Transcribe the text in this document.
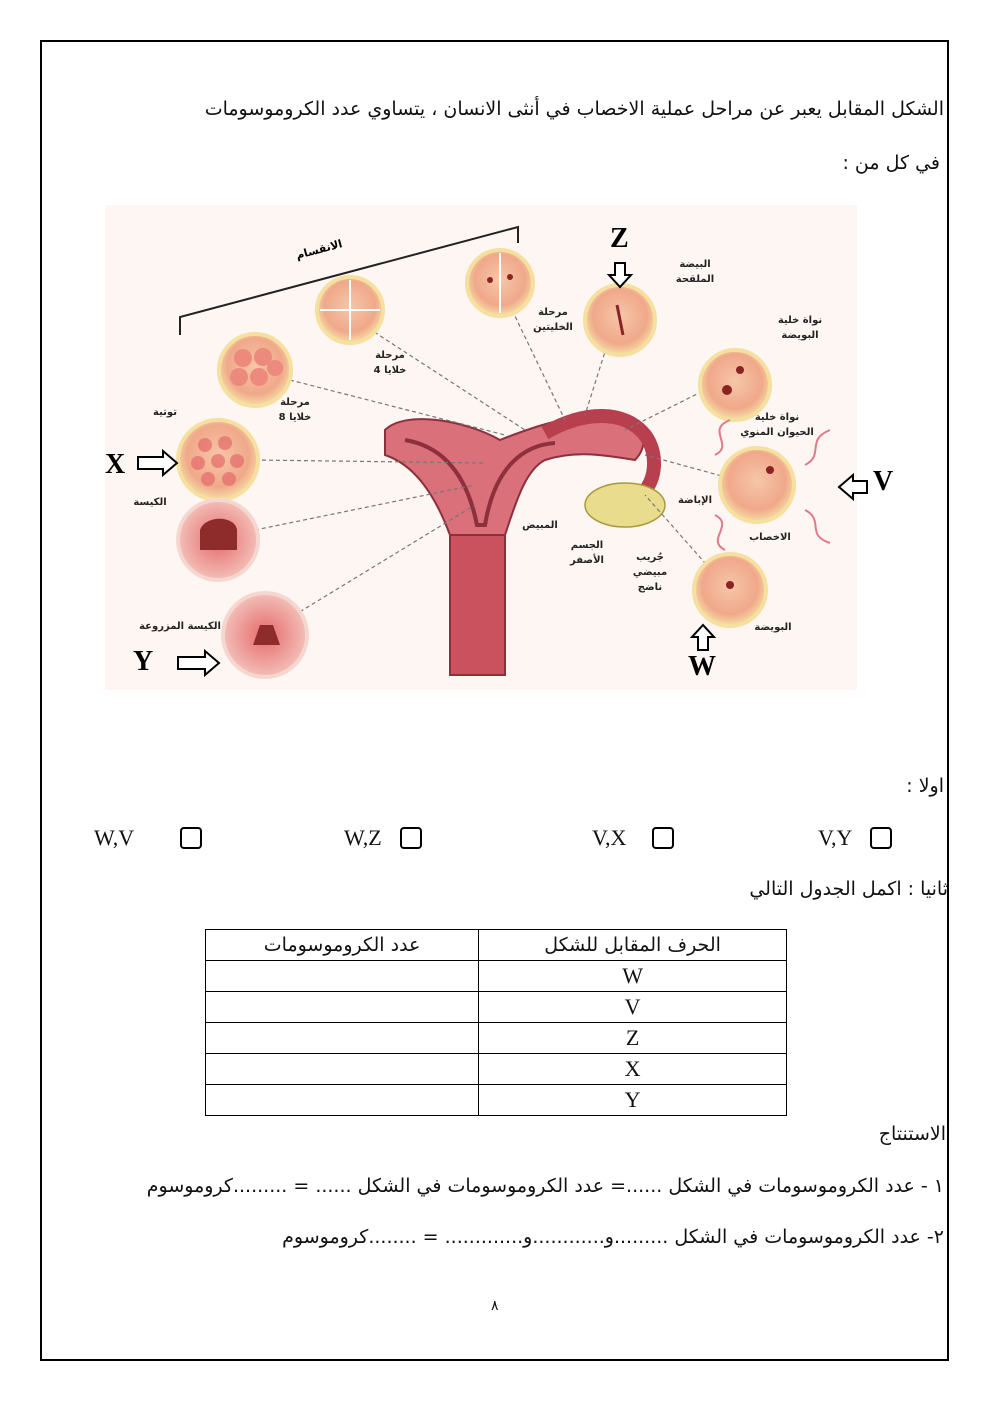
الشكل المقابل يعبر عن مراحل عملية الاخصاب في أنثى الانسان ، يتساوي عدد الكروموسومات
في كل من :
الانقسام
توتية
الكيسة
الكيسة المزروعة
مرحلة
8 خلايا
مرحلة
4 خلايا
مرحلة
الخليتين
البيضة
الملقحة
نواة خلية
البويضة
نواة خلية
الحيوان المنوي
الإباضة
الاخصاب
المبيض
الجسم
الأصفر	جُريب
مبيضي
ناضج
البويضة
X
Y
Z
V
W
اولا :
V,Y
V,X
W,Z
W,V
ثانيا : اكمل الجدول التالي
عدد الكروموسومات	الحرف المقابل للشكل
	W
	V
	Z
	X
	Y
الاستنتاج
١ - عدد الكروموسومات في الشكل ......= عدد الكروموسومات في الشكل ...... = .........كروموسوم
٢- عدد الكروموسومات في الشكل .........و............و............. = ........كروموسوم
٨
